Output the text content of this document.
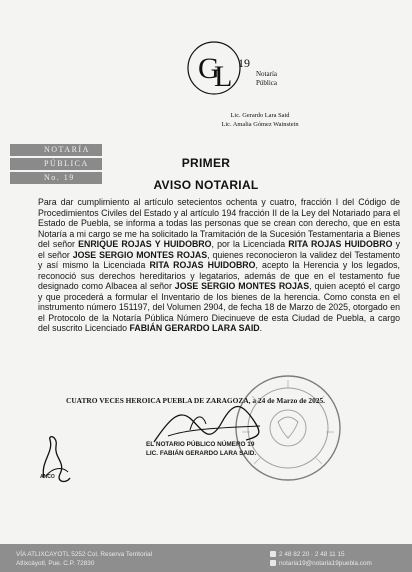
G
L 19
Notaría
Pública
Lic. Gerardo Lara Said
Lic. Amalia Gómez Wainstein
NOTARÍA
PÚBLICA
No. 19
PRIMER
AVISO NOTARIAL
Para dar cumplimiento al artículo setecientos ochenta y cuatro, fracción I del Código de Procedimientos Civiles del Estado y al artículo 194 fracción II de la Ley del Notariado para el Estado de Puebla, se informa a todas las personas que se crean con derecho, que en esta Notaría a mi cargo se me ha solicitado la Tramitación de la Sucesión Testamentaria a Bienes del señor ENRIQUE ROJAS Y HUIDOBRO, por la Licenciada RITA ROJAS HUIDOBRO y el señor JOSE SERGIO MONTES ROJAS, quienes reconocieron la validez del Testamento y así mismo la Licenciada RITA ROJAS HUIDOBRO, acepto la Herencia y los legados, reconoció sus derechos hereditarios y legatarios, además de que en el testamento fue designado como Albacea al señor JOSE SERGIO MONTES ROJAS, quien aceptó el cargo y que procederá a formular el Inventario de los bienes de la herencia. Como consta en el instrumento número 151197, del Volumen 2904, de fecha 18 de Marzo de 2025, otorgado en el Protocolo de la Notaría Pública Número Diecinueve de esta Ciudad de Puebla, a cargo del suscrito Licenciado FABIÁN GERARDO LARA SAID.
CUATRO VECES HEROICA PUEBLA DE ZARAGOZA, a 24 de Marzo de 2025.
EL NOTARIO PÚBLICO NÚMERO 19
LIC. FABIÁN GERARDO LARA SAID.
ANCO
VÍA ATLIXCAYOTL 5252 Col. Reserva Territorial
Atlixcáyotl, Pue. C.P. 72830
2 48 82 20 · 2 48 11 15
notaria19@notaria19puebla.com
